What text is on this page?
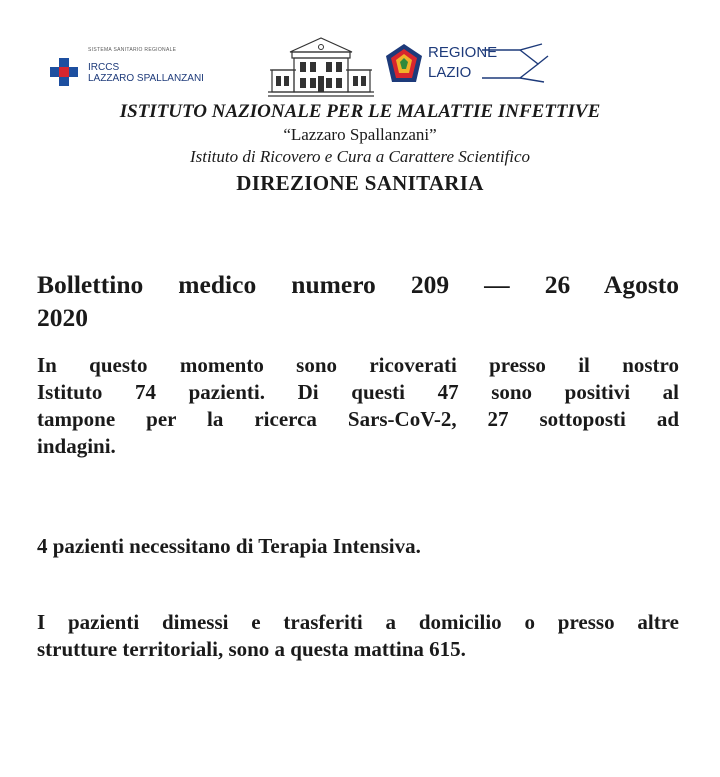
SISTEMA SANITARIO REGIONALE
IRCCS
LAZZARO SPALLANZANI
REGIONE
LAZIO

ISTITUTO NAZIONALE PER LE MALATTIE INFETTIVE

“Lazzaro Spallanzani”

Istituto di Ricovero e Cura a Carattere Scientifico

DIREZIONE SANITARIA

Bollettino medico numero 209 — 26 Agosto
2020
In questo momento sono ricoverati presso il nostro
Istituto 74 pazienti. Di questi 47 sono positivi al
tampone per la ricerca Sars-CoV-2, 27 sottoposti ad
indagini.
4 pazienti necessitano di Terapia Intensiva.
I pazienti dimessi e trasferiti a domicilio o presso altre
strutture territoriali, sono a questa mattina 615.
